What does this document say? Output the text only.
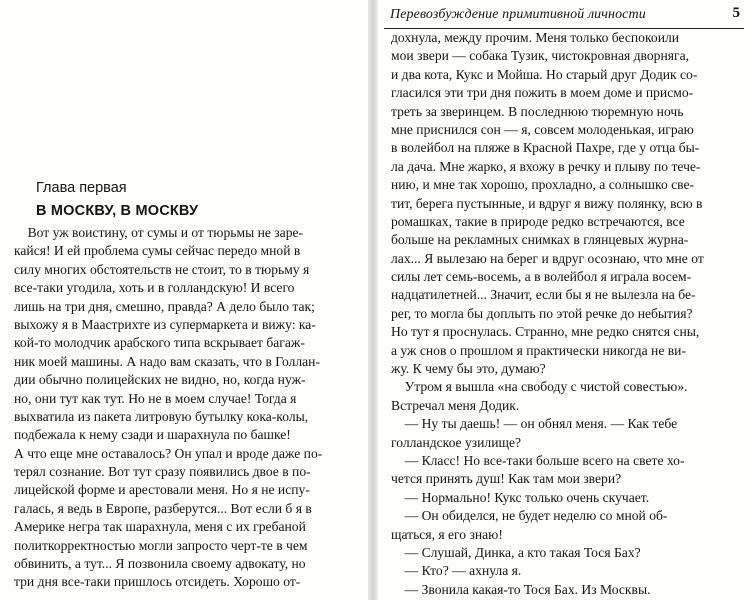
Глава первая
В МОСКВУ, В МОСКВУ
Вот уж воистину, от сумы и от тюрьмы не заре-
кайся! И ей проблема сумы сейчас передо мной в
силу многих обстоятельств не стоит, то в тюрьму я
все-таки угодила, хоть и в голландскую! И всего
лишь на три дня, смешно, правда? А дело было так;
выхожу я в Маастрихте из супермаркета и вижу: ка-
кой-то молодчик арабского типа вскрывает багаж-
ник моей машины. А надо вам сказать, что в Голлан-
дии обычно полицейских не видно, но, когда нуж-
но, они тут как тут. Но не в моем случае! Тогда я
выхватила из пакета литровую бутылку кока-колы,
подбежала к нему сзади и шарахнула по башке!
А что еще мне оставалось? Он упал и вроде даже по-
терял сознание. Вот тут сразу появились двое в по-
лицейской форме и арестовали меня. Но я не испу-
галась, я ведь в Европе, разберутся... Вот если б я в
Америке негра так шарахнула, меня с их гребаной
политкорректностью могли запросто черт-те в чем
обвинить, а тут... Я позвонила своему адвокату, но
три дня все-таки пришлось отсидеть. Хорошо от-
Перевозбуждение примитивной личности	5
дохнула, между прочим. Меня только беспокоили
мои звери — собака Тузик, чистокровная дворняга,
и два кота, Кукс и Мойша. Но старый друг Додик со-
гласился эти три дня пожить в моем доме и присмо-
треть за зверинцем. В последнюю тюремную ночь
мне приснился сон — я, совсем молоденькая, играю
в волейбол на пляже в Красной Пахре, где у отца бы-
ла дача. Мне жарко, я вхожу в речку и плыву по тече-
нию, и мне так хорошо, прохладно, а солнышко све-
тит, берега пустынные, и вдруг я вижу полянку, всю в
ромашках, такие в природе редко встречаются, все
больше на рекламных снимках в глянцевых журна-
лах... Я вылезаю на берег и вдруг осознаю, что мне от
силы лет семь-восемь, а в волейбол я играла восем-
надцатилетней... Значит, если бы я не вылезла на бе-
рег, то могла бы доплыть по этой речке до небытия?
Но тут я проснулась. Странно, мне редко снятся сны,
а уж снов о прошлом я практически никогда не ви-
жу. К чему бы это, думаю?
Утром я вышла «на свободу с чистой совестью».
Встречал меня Додик.
— Ну ты даешь! — он обнял меня. — Как тебе
голландское узилище?
— Класс! Но все-таки больше всего на свете хо-
чется принять душ! Как там мои звери?
— Нормально! Кукс только очень скучает.
— Он обиделся, не будет неделю со мной об-
щаться, я его знаю!
— Слушай, Динка, а кто такая Тося Бах?
— Кто? — ахнула я.
— Звонила какая-то Тося Бах. Из Москвы.
